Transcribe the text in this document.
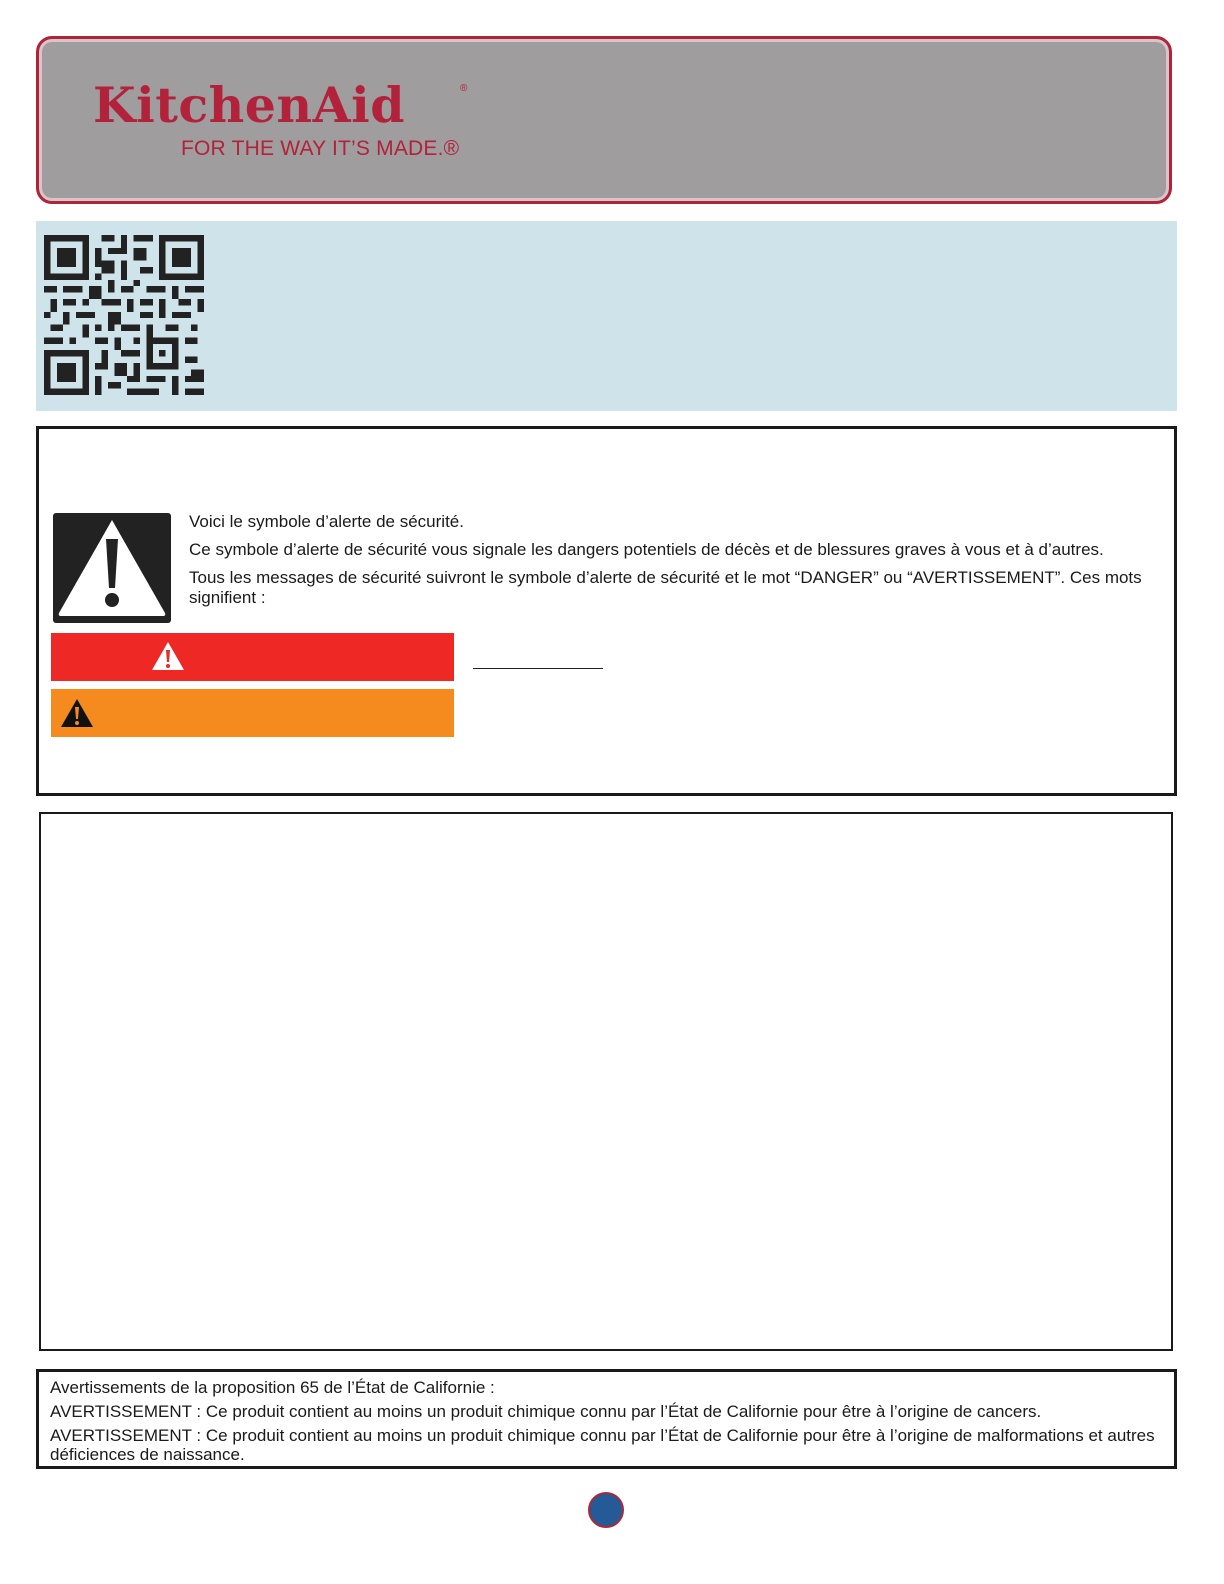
KitchenAid	®
FOR THE WAY IT’S MADE.®

Voici le symbole d’alerte de sécurité.

Ce symbole d’alerte de sécurité vous signale les dangers potentiels de décès et de blessures graves à vous et à d’autres.

Tous les messages de sécurité suivront le symbole d’alerte de sécurité et le mot “DANGER” ou “AVERTISSEMENT”. Ces mots signifient :

Avertissements de la proposition 65 de l’État de Californie :

AVERTISSEMENT : Ce produit contient au moins un produit chimique connu par l’État de Californie pour être à l’origine de cancers.

AVERTISSEMENT : Ce produit contient au moins un produit chimique connu par l’État de Californie pour être à l’origine de malformations et autres déficiences de naissance.
